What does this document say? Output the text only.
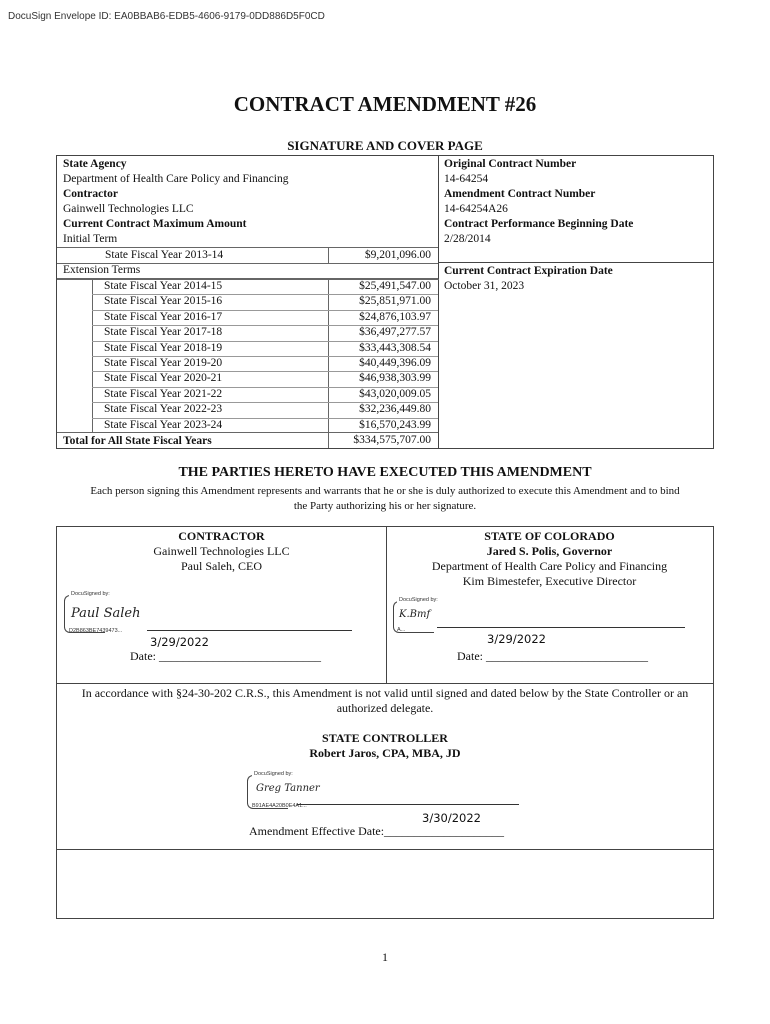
DocuSign Envelope ID: EA0BBAB6-EDB5-4606-9179-0DD886D5F0CD
CONTRACT AMENDMENT #26
SIGNATURE AND COVER PAGE
State Agency
Department of Health Care Policy and Financing
Contractor
Gainwell Technologies LLC
Current Contract Maximum Amount
Initial Term
State Fiscal Year 2013-14	$9,201,096.00
Extension Terms
State Fiscal Year 2014-15	$25,491,547.00
State Fiscal Year 2015-16	$25,851,971.00
State Fiscal Year 2016-17	$24,876,103.97
State Fiscal Year 2017-18	$36,497,277.57
State Fiscal Year 2018-19	$33,443,308.54
State Fiscal Year 2019-20	$40,449,396.09
State Fiscal Year 2020-21	$46,938,303.99
State Fiscal Year 2021-22	$43,020,009.05
State Fiscal Year 2022-23	$32,236,449.80
State Fiscal Year 2023-24	$16,570,243.99
Total for All State Fiscal Years	$334,575,707.00
Original Contract Number
14-64254
Amendment Contract Number
14-64254A26
Contract Performance Beginning Date
2/28/2014
Current Contract Expiration Date
October 31, 2023
THE PARTIES HERETO HAVE EXECUTED THIS AMENDMENT
Each person signing this Amendment represents and warrants that he or she is duly authorized to execute this Amendment and to bind the Party authorizing his or her signature.
CONTRACTOR
Gainwell Technologies LLC
Paul Saleh, CEO
DocuSigned by:
Paul Saleh
D2B863BE7439473...
3/29/2022
Date: ___________________________
STATE OF COLORADO
Jared S. Polis, Governor
Department of Health Care Policy and Financing
Kim Bimestefer, Executive Director
DocuSigned by:
K.Bmf
A...
3/29/2022
Date: ___________________________
In accordance with §24-30-202 C.R.S., this Amendment is not valid until signed and dated below by the State Controller or an authorized delegate.
STATE CONTROLLER
Robert Jaros, CPA, MBA, JD
DocuSigned by:
Greg Tanner
B91AE4A20B0E4A1...
3/30/2022
Amendment Effective Date:____________________
1
